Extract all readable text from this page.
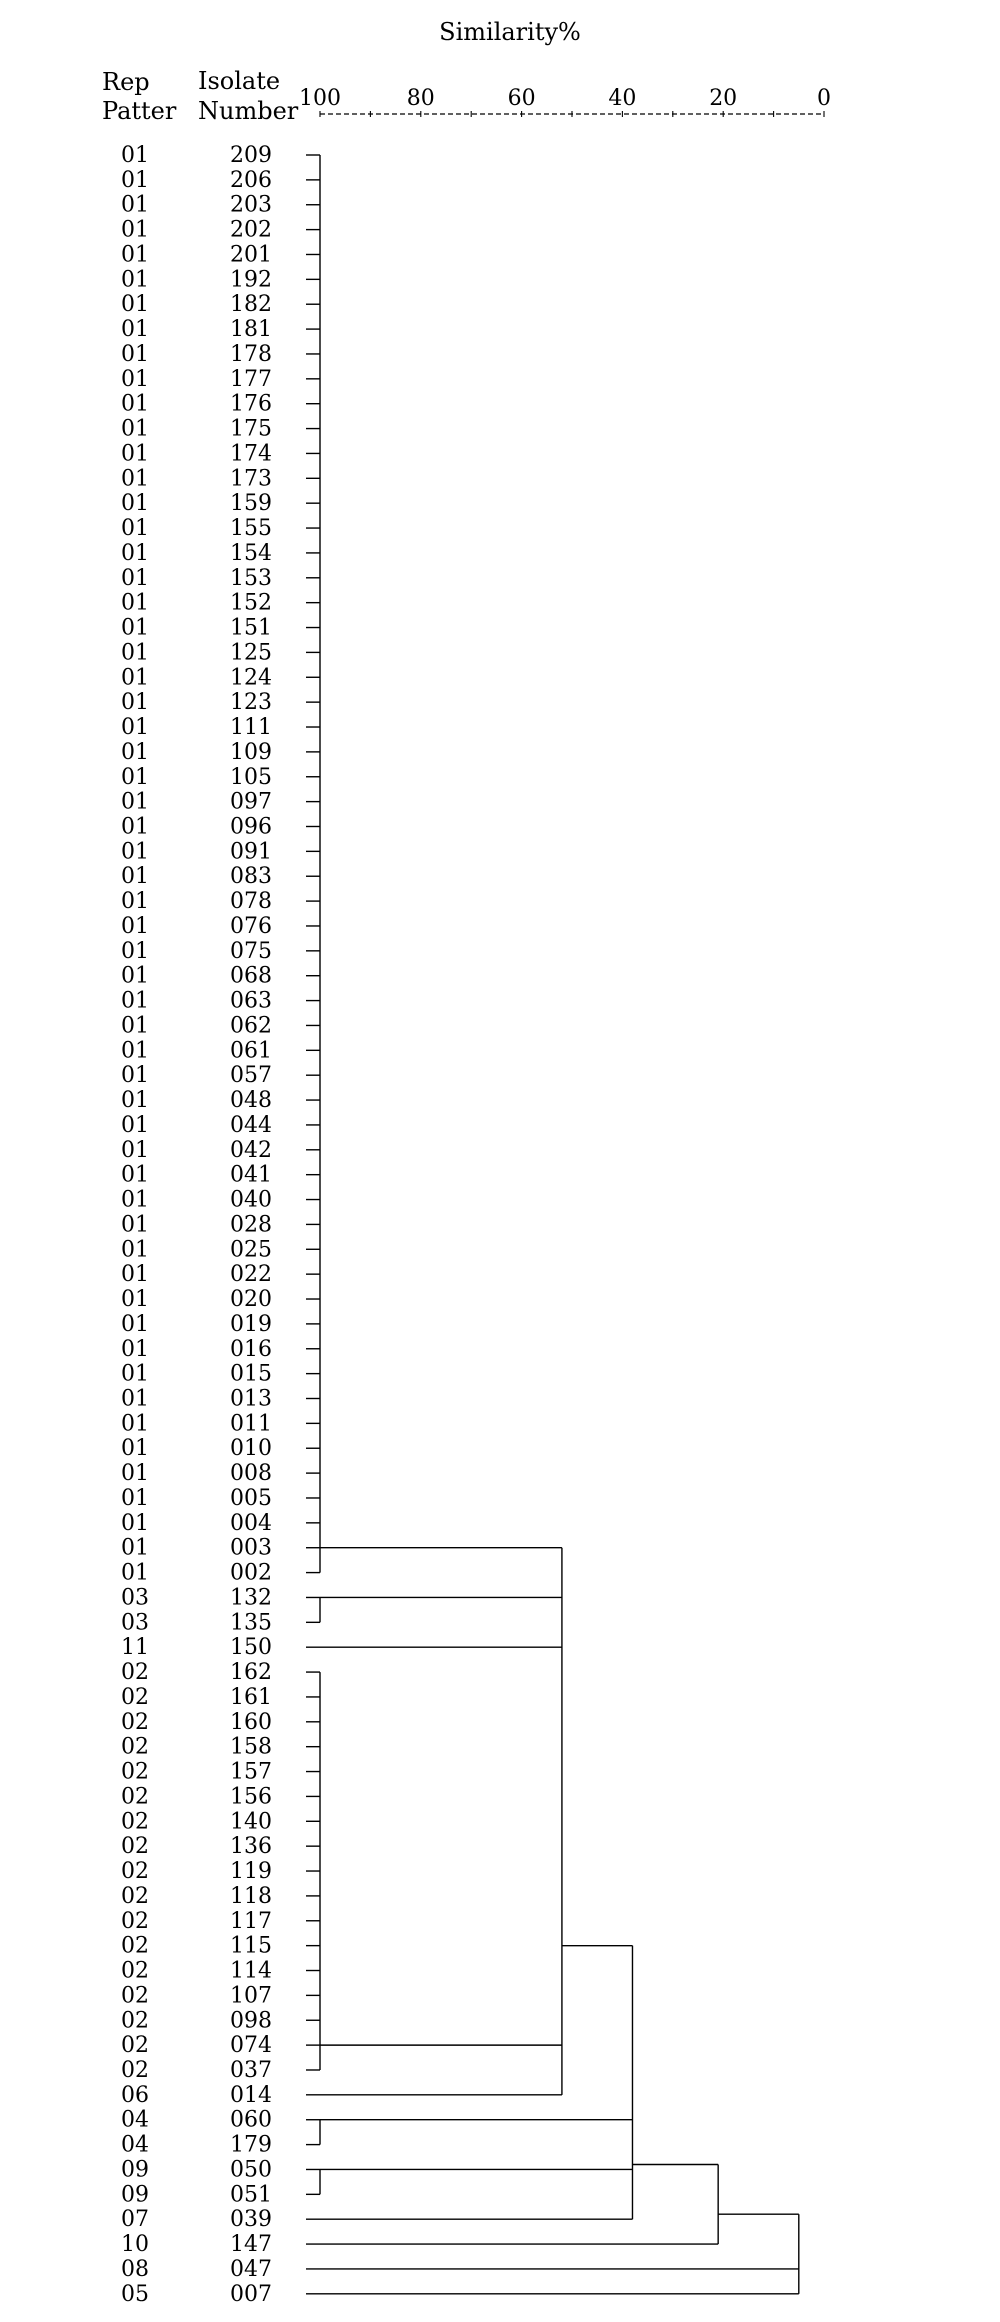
Similarity%
Rep
Patter
Isolate
Number 100	80	60	40	20	0
01	209
01	206
01	203
01	202
01	201
01	192
01	182
01	181
01	178
01	177
01	176
01	175
01	174
01	173
01	159
01	155
01	154
01	153
01	152
01	151
01	125
01	124
01	123
01	111
01	109
01	105
01	097
01	096
01	091
01	083
01	078
01	076
01	075
01	068
01	063
01	062
01	061
01	057
01	048
01	044
01	042
01	041
01	040
01	028
01	025
01	022
01	020
01	019
01	016
01	015
01	013
01	011
01	010
01	008
01	005
01	004
01	003
01	002
03	132
03	135
11	150
02	162
02	161
02	160
02	158
02	157
02	156
02	140
02	136
02	119
02	118
02	117
02	115
02	114
02	107
02	098
02	074
02	037
06	014
04	060
04	179
09	050
09	051
07	039
10	147
08	047
05	007
